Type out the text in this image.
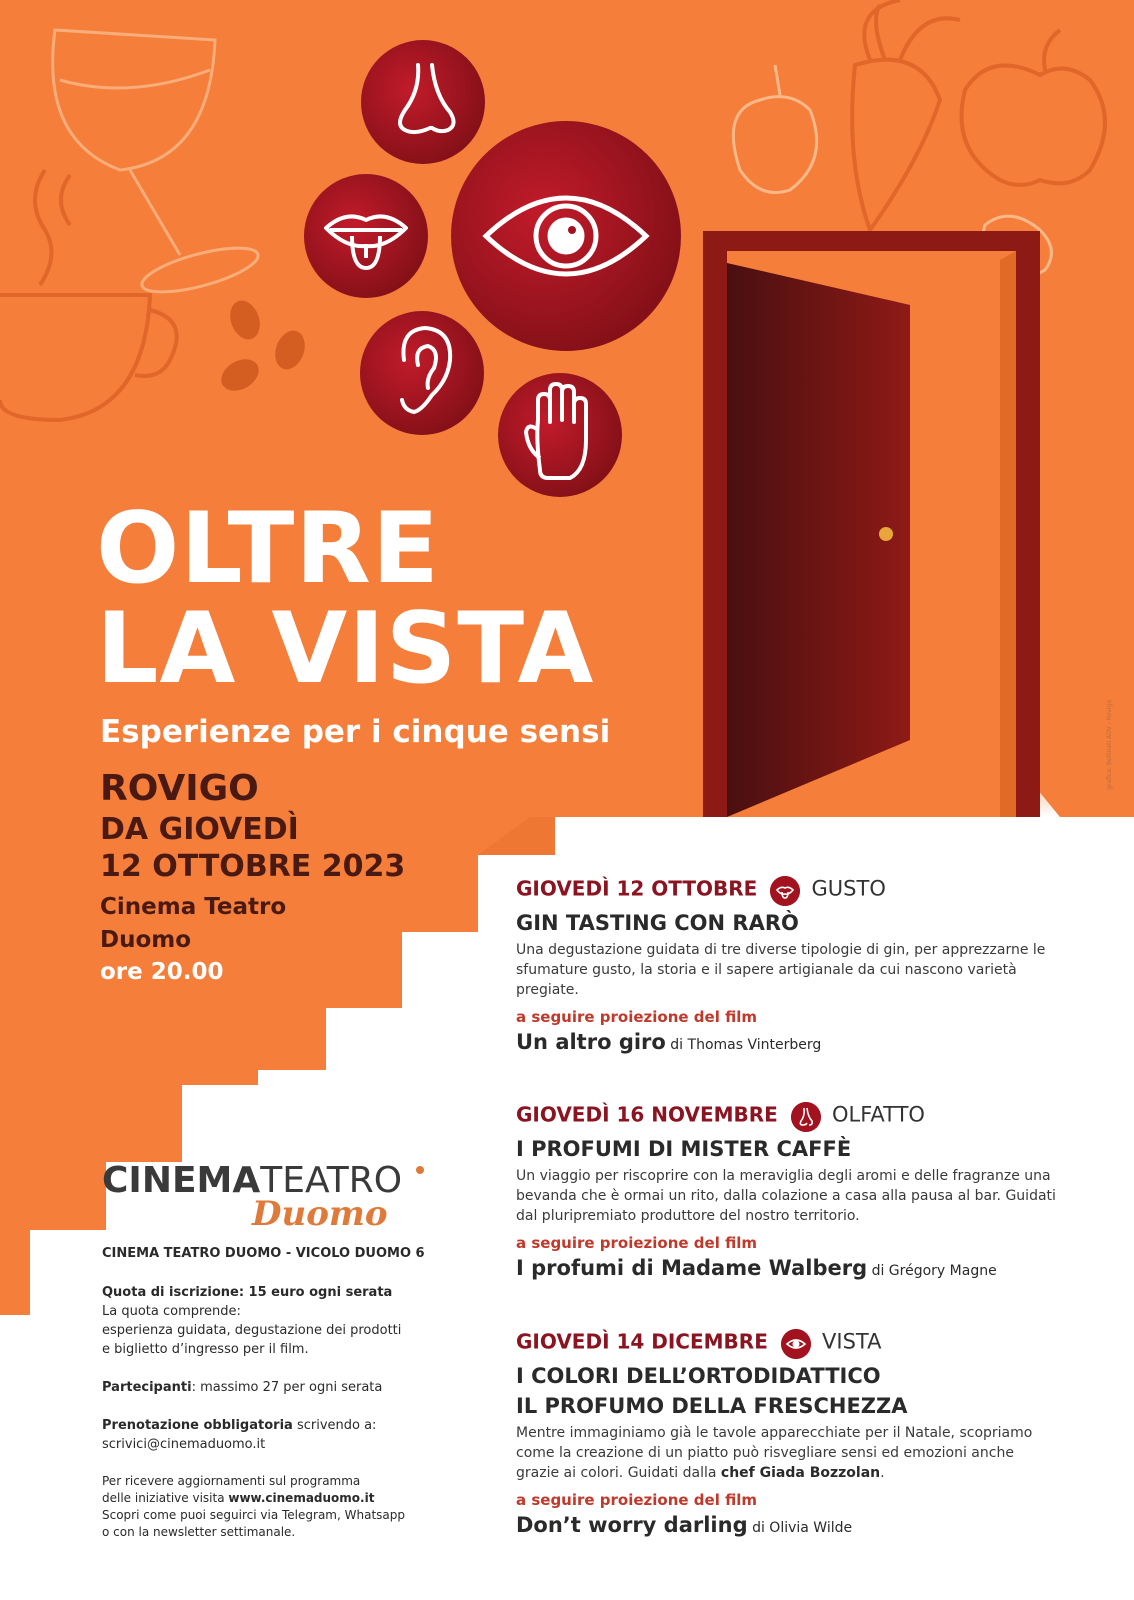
grafica: Bellinati ADV - Rovigo
OLTRE
LA VISTA
Esperienze per i cinque sensi
ROVIGO
DA GIOVEDÌ
12 OTTOBRE 2023
Cinema Teatro
Duomo
ore 20.00
CINEMATEATRO
Duomo
CINEMA TEATRO DUOMO - VICOLO DUOMO 6
Quota di iscrizione: 15 euro ogni serata
La quota comprende:
esperienza guidata, degustazione dei prodotti
e biglietto d’ingresso per il film.
Partecipanti: massimo 27 per ogni serata
Prenotazione obbligatoria scrivendo a:
scrivici@cinemaduomo.it
Per ricevere aggiornamenti sul programma
delle iniziative visita www.cinemaduomo.it
Scopri come puoi seguirci via Telegram, Whatsapp
o con la newsletter settimanale.
GIOVEDÌ 12 OTTOBRE	GUSTO
GIN TASTING CON RARÒ
Una degustazione guidata di tre diverse tipologie di gin, per apprezzarne le sfumature gusto, la storia e il sapere artigianale da cui nascono varietà pregiate.
a seguire proiezione del film
Un altro giro di Thomas Vinterberg
GIOVEDÌ 16 NOVEMBRE	OLFATTO
I PROFUMI DI MISTER CAFFÈ
Un viaggio per riscoprire con la meraviglia degli aromi e delle fragranze una bevanda che è ormai un rito, dalla colazione a casa alla pausa al bar. Guidati dal pluripremiato produttore del nostro territorio.
a seguire proiezione del film
I profumi di Madame Walberg di Grégory Magne
GIOVEDÌ 14 DICEMBRE	VISTA
I COLORI DELL’ORTODIDATTICO
IL PROFUMO DELLA FRESCHEZZA
Mentre immaginiamo già le tavole apparecchiate per il Natale, scopriamo come la creazione di un piatto può risvegliare sensi ed emozioni anche grazie ai colori. Guidati dalla chef Giada Bozzolan.
a seguire proiezione del film
Don’t worry darling di Olivia Wilde
